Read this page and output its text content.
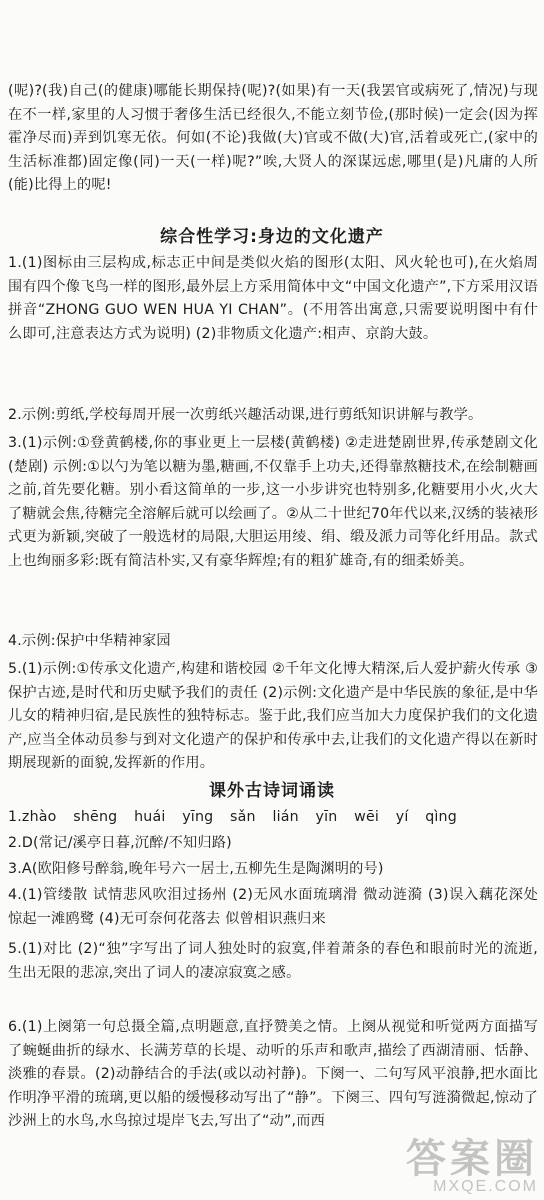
(呢)?(我)自己(的健康)哪能长期保持(呢)?(如果)有一天(我罢官或病死了,情况)与现在不一样,家里的人习惯于奢侈生活已经很久,不能立刻节俭,(那时候)一定会(因为挥霍净尽而)弄到饥寒无依。何如(不论)我做(大)官或不做(大)官,活着或死亡,(家中的生活标准都)固定像(同)一天(一样)呢?”唉,大贤人的深谋远虑,哪里(是)凡庸的人所(能)比得上的呢!
综合性学习:身边的文化遗产
1.(1)图标由三层构成,标志正中间是类似火焰的图形(太阳、风火轮也可),在火焰周围有四个像飞鸟一样的图形,最外层上方采用简体中文“中国文化遗产”,下方采用汉语拼音“ZHONG GUO WEN HUA YI CHAN”。(不用答出寓意,只需要说明图中有什么即可,注意表达方式为说明) (2)非物质文化遗产:相声、京韵大鼓。
2.示例:剪纸,学校每周开展一次剪纸兴趣活动课,进行剪纸知识讲解与教学。
3.(1)示例:①登黄鹤楼,你的事业更上一层楼(黄鹤楼) ②走进楚剧世界,传承楚剧文化(楚剧) 示例:①以勺为笔以糖为墨,糖画,不仅靠手上功夫,还得靠熬糖技术,在绘制糖画之前,首先要化糖。别小看这简单的一步,这一小步讲究也特别多,化糖要用小火,火大了糖就会焦,待糖完全溶解后就可以绘画了。②从二十世纪70年代以来,汉绣的装裱形式更为新颖,突破了一般选材的局限,大胆运用绫、绢、缎及派力司等化纤用品。款式上也绚丽多彩:既有简洁朴实,又有豪华辉煌;有的粗犷雄奇,有的细柔娇美。
4.示例:保护中华精神家园
5.(1)示例:①传承文化遗产,构建和谐校园 ②千年文化博大精深,后人爱护薪火传承 ③保护古迹,是时代和历史赋予我们的责任 (2)示例:文化遗产是中华民族的象征,是中华儿女的精神归宿,是民族性的独特标志。鉴于此,我们应当加大力度保护我们的文化遗产,应当全体动员参与到对文化遗产的保护和传承中去,让我们的文化遗产得以在新时期展现新的面貌,发挥新的作用。
课外古诗词诵读
1.zhào shēng huái yīng sǎn lián yīn wēi yí qìng
2.D(常记/溪亭日暮,沉醉/不知归路)
3.A(欧阳修号醉翁,晚年号六一居士,五柳先生是陶渊明的号)
4.(1)管缕散 试情悲风吹泪过扬州 (2)无风水面琉璃滑 微动涟漪 (3)误入藕花深处 惊起一滩鸥鹭 (4)无可奈何花落去 似曾相识燕归来
5.(1)对比 (2)“独”字写出了词人独处时的寂寞,伴着萧条的春色和眼前时光的流逝,生出无限的悲凉,突出了词人的凄凉寂寞之感。
6.(1)上阕第一句总摄全篇,点明题意,直抒赞美之情。上阕从视觉和听觉两方面描写了蜿蜒曲折的绿水、长满芳草的长堤、动听的乐声和歌声,描绘了西湖清丽、恬静、淡雅的春景。(2)动静结合的手法(或以动衬静)。下阕一、二句写风平浪静,把水面比作明净平滑的琉璃,更以船的缓慢移动写出了“静”。下阕三、四句写涟漪微起,惊动了沙洲上的水鸟,水鸟掠过堤岸飞去,写出了“动”,而西
答案圈
MXQE.COM
